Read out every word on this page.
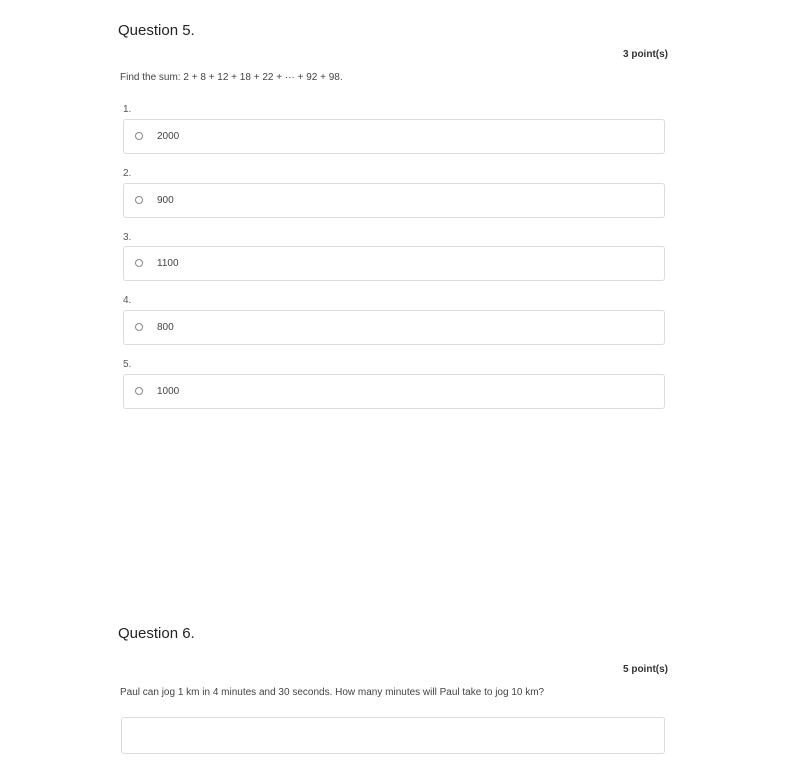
Question 5.
3 point(s)
Find the sum: 2 + 8 + 12 + 18 + 22 + ··· + 92 + 98.
1.
2000
2.
900
3.
1100
4.
800
5.
1000
Question 6.
5 point(s)
Paul can jog 1 km in 4 minutes and 30 seconds. How many minutes will Paul take to jog 10 km?
